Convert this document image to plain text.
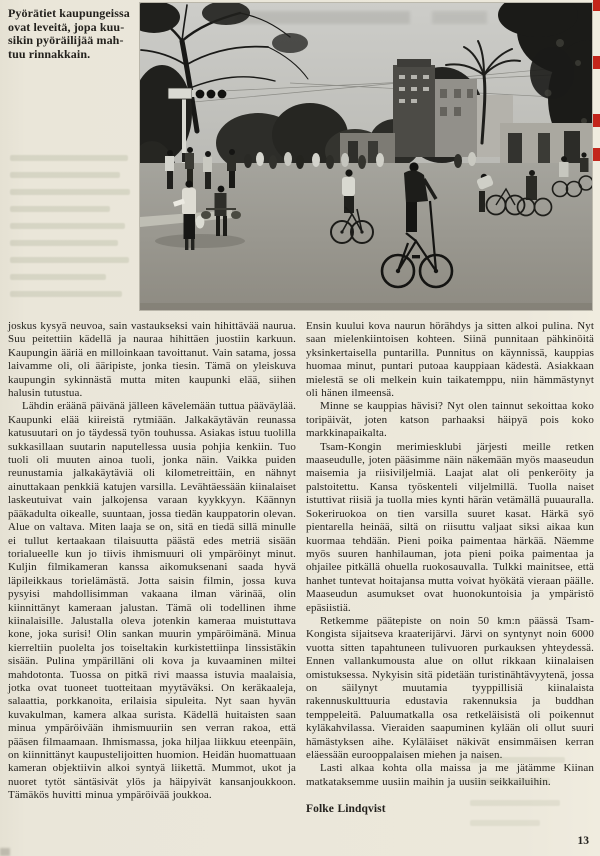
Pyörätiet kaupungeissa
ovat leveitä, jopa kuu-
sikin pyöräilijää mah-
tuu rinnakkain.

joskus kysyä neuvoa, sain vastaukseksi vain hihittävää naurua. Suu peitettiin kädellä ja nauraa hihittäen juostiin karkuun. Kaupungin ääriä en milloinkaan tavoittanut. Vain satama, jossa laivamme oli, oli ääripiste, jonka tiesin. Tämä on yleiskuva kaupungin sykinnästä mutta miten kaupunki elää, siihen halusin tutustua.

Lähdin eräänä päivänä jälleen kävelemään tuttua pääväylää. Kaupunki elää kiireistä rytmiään. Jalkakäytävän reunassa katusuutari on jo täydessä työn touhussa. Asiakas istuu tuolilla sukkasillaan suutarin naputellessa uusia pohjia kenkiin. Tuo tuoli oli muuten ainoa tuoli, jonka näin. Vaikka puiden reunustamia jalkakäytäviä oli kilometreittäin, en nähnyt ainuttakaan penkkiä katujen varsilla. Levähtäessään kiinalaiset laskeutuivat vain jalkojensa varaan kyykkyyn. Käännyn pääkadulta oikealle, suuntaan, jossa tiedän kauppatorin olevan. Alue on valtava. Miten laaja se on, sitä en tiedä sillä minulle ei tullut kertaakaan tilaisuutta päästä edes metriä sisään torialueelle kun jo tiivis ihmismuuri oli ympäröinyt minut. Kuljin filmikameran kanssa aikomuksenani saada hyvä läpileikkaus torielämästä. Jotta saisin filmin, jossa kuva pysyisi mahdollisimman vakaana ilman värinää, olin kiinnittänyt kameraan jalustan. Tämä oli todellinen ihme kiinalaisille. Jalustalla oleva jotenkin kameraa muistuttava kone, joka surisi! Olin sankan muurin ympäröimänä. Minua kierreltiin puolelta jos toiseltakin kurkistettiinpa linssistäkin sisään. Pulina ympärilläni oli kova ja kuvaaminen miltei mahdotonta. Tuossa on pitkä rivi maassa istuvia maalaisia, jotka ovat tuoneet tuotteitaan myytäväksi. On keräkaaleja, salaattia, porkkanoita, erilaisia sipuleita. Nyt saan hyvän kuvakulman, kamera alkaa surista. Kädellä huitaisten saan minua ympäröivään ihmismuuriin sen verran rakoa, että pääsen filmaamaan. Ihmismassa, joka hiljaa liikkuu eteenpäin, on kiinnittänyt kaupustelijoitten huomion. Heidän huomattuaan kameran objektiivin alkoi syntyä liikettä. Mummot, ukot ja nuoret tytöt säntäsivät ylös ja häipyivät kansanjoukkoon. Tämäkös huvitti minua ympäröivää joukkoa.

Ensin kuului kova naurun hörähdys ja sitten alkoi pulina. Nyt saan mielenkiintoisen kohteen. Siinä punnitaan pähkinöitä yksinkertaisella puntarilla. Punnitus on käynnissä, kauppias huomaa minut, puntari putoaa kauppiaan kädestä. Asiakkaan mielestä se oli melkein kuin taikatemppu, niin hämmästynyt oli hänen ilmeensä.

Minne se kauppias hävisi? Nyt olen tainnut sekoittaa koko toripäivät, joten katson parhaaksi häipyä pois koko markkinapaikalta.

Tsam-Kongin merimiesklubi järjesti meille retken maaseudulle, joten pääsimme näin näkemään myös maaseudun maisemia ja riisiviljelmiä. Laajat alat oli penkeröity ja palstoitettu. Kansa työskenteli viljelmillä. Tuolla naiset istuttivat riisiä ja tuolla mies kynti härän vetämällä puuauralla. Sokeriruokoa on tien varsilla suuret kasat. Härkä syö pientarella heinää, siltä on riisuttu valjaat siksi aikaa kun kuormaa tehdään. Pieni poika paimentaa härkää. Näemme myös suuren hanhilauman, jota pieni poika paimentaa ja ohjailee pitkällä ohuella ruokosauvalla. Tulkki mainitsee, että hanhet tuntevat hoitajansa mutta voivat hyökätä vieraan päälle. Maaseudun asumukset ovat huonokuntoisia ja ympäristö epäsiistiä.

Retkemme päätepiste on noin 50 km:n päässä Tsam-Kongista sijaitseva kraaterijärvi. Järvi on syntynyt noin 6000 vuotta sitten tapahtuneen tulivuoren purkauksen yhteydessä. Ennen vallankumousta alue on ollut rikkaan kiinalaisen omistuksessa. Nykyisin sitä pidetään turistinähtävyytenä, jossa on säilynyt muutamia tyyppillisiä kiinalaista rakennuskulttuuria edustavia rakennuksia ja buddhan temppeleitä. Paluumatkalla osa retkeläisistä oli poikennut kyläkahvilassa. Vieraiden saapuminen kylään oli ollut suuri hämästyksen aihe. Kyläläiset näkivät ensimmäisen kerran eläessään eurooppalaisen miehen ja naisen.

Lasti alkaa kohta olla maissa ja me jätämme Kiinan matkataksemme uusiin maihin ja uusiin seikkailuihin.

Folke Lindqvist
13
